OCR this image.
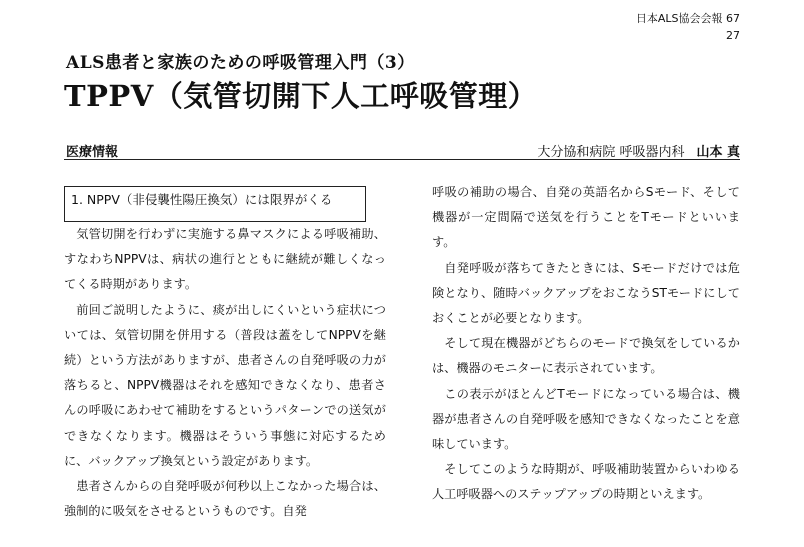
日本ALS協会会報 67
27
ALS患者と家族のための呼吸管理入門（3）
TPPV（気管切開下人工呼吸管理）
医療情報	大分協和病院 呼吸器内科 山本 真
1. NPPV（非侵襲性陽圧換気）には限界がくる

気管切開を行わずに実施する鼻マスクによる呼吸補助、すなわちNPPVは、病状の進行とともに継続が難しくなってくる時期があります。

前回ご説明したように、痰が出しにくいという症状については、気管切開を併用する（普段は蓋をしてNPPVを継続）という方法がありますが、患者さんの自発呼吸の力が落ちると、NPPV機器はそれを感知できなくなり、患者さんの呼吸にあわせて補助をするというパターンでの送気ができなくなります。機器はそういう事態に対応するために、バックアップ換気という設定があります。

患者さんからの自発呼吸が何秒以上こなかった場合は、強制的に吸気をさせるというものです。自発

呼吸の補助の場合、自発の英語名からSモード、そして機器が一定間隔で送気を行うことをTモードといいます。

自発呼吸が落ちてきたときには、Sモードだけでは危険となり、随時バックアップをおこなうSTモードにしておくことが必要となります。

そして現在機器がどちらのモードで換気をしているかは、機器のモニターに表示されています。

この表示がほとんどTモードになっている場合は、機器が患者さんの自発呼吸を感知できなくなったことを意味しています。

そしてこのような時期が、呼吸補助装置からいわゆる人工呼吸器へのステップアップの時期といえます。
